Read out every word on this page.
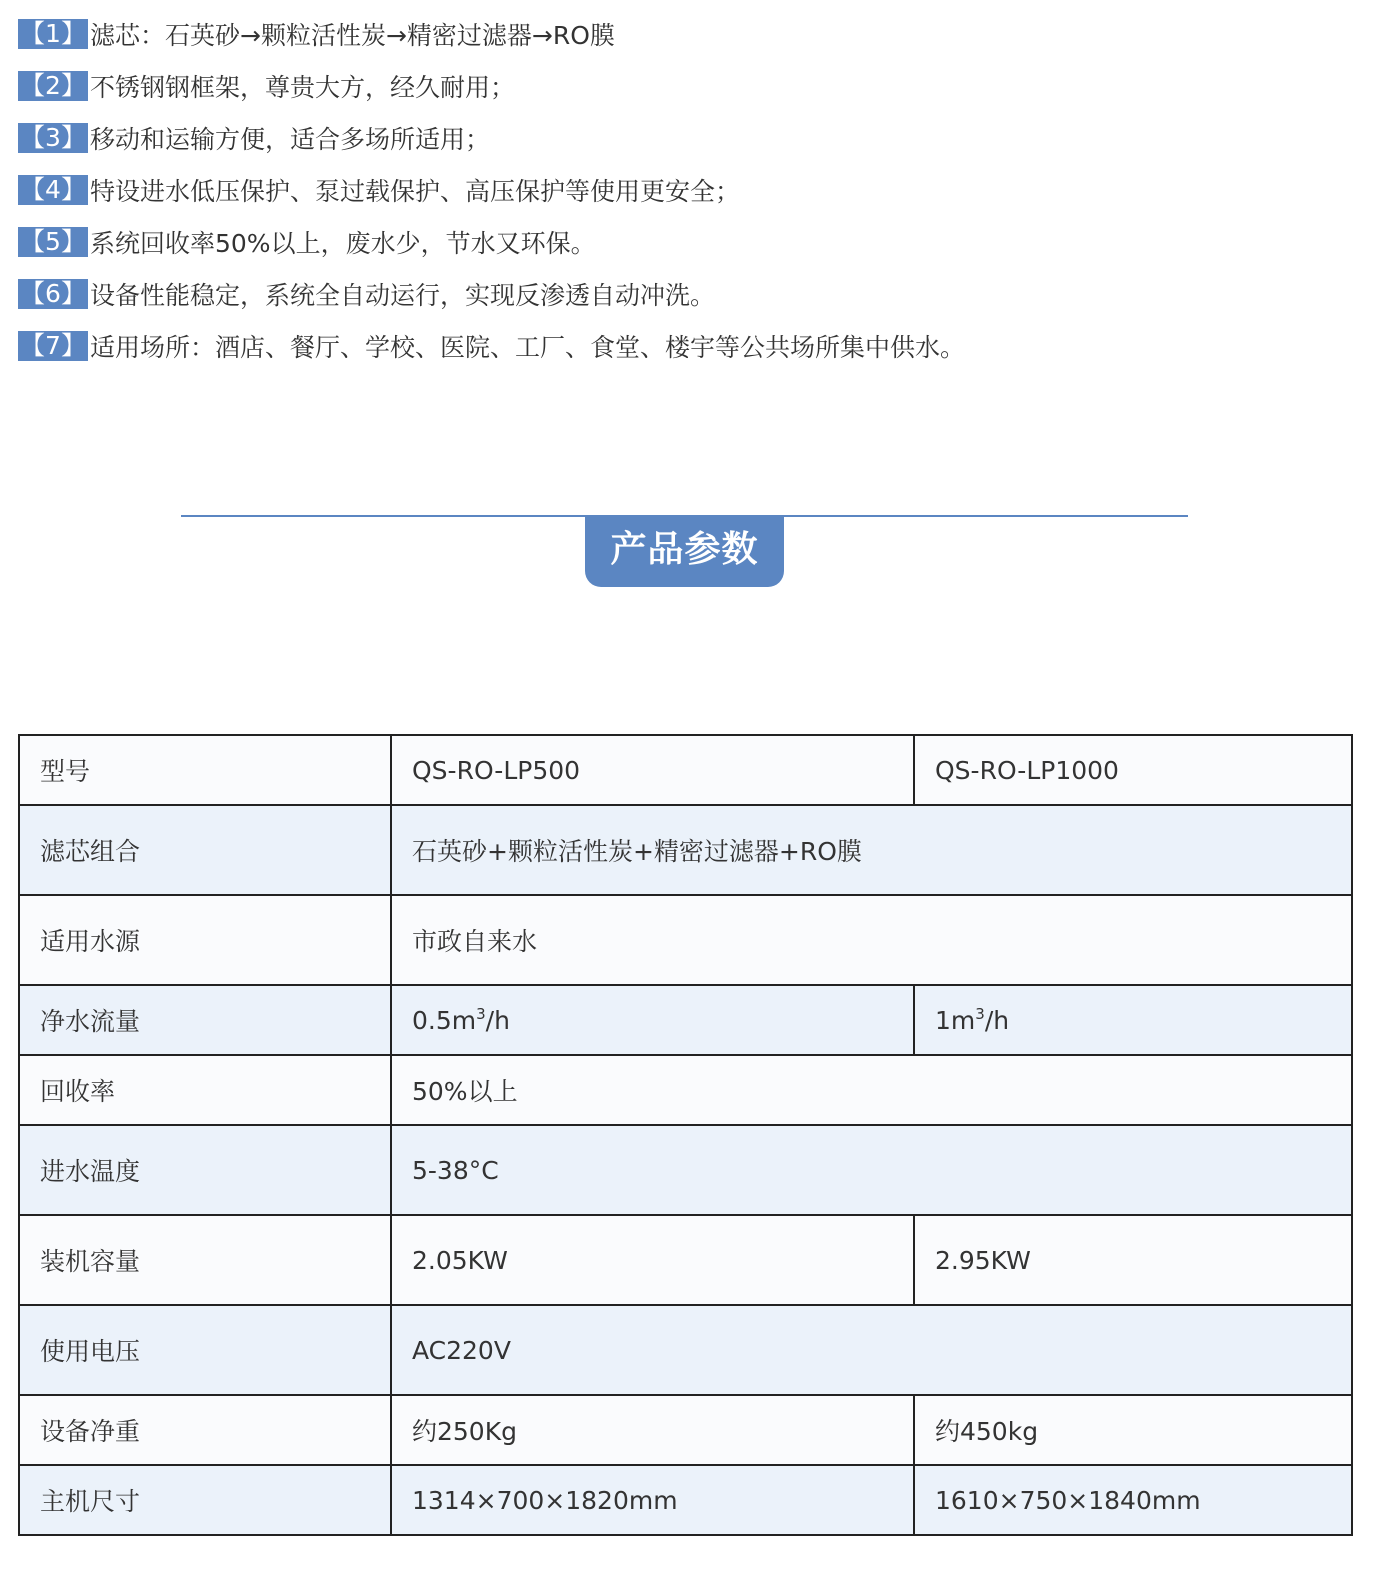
【1】 滤芯：石英砂→颗粒活性炭→精密过滤器→RO膜
【2】 不锈钢钢框架，尊贵大方，经久耐用；
【3】 移动和运输方便，适合多场所适用；
【4】 特设进水低压保护、泵过载保护、高压保护等使用更安全；
【5】 系统回收率50%以上，废水少，节水又环保。
【6】 设备性能稳定，系统全自动运行，实现反渗透自动冲洗。
【7】 适用场所：酒店、餐厅、学校、医院、工厂、食堂、楼宇等公共场所集中供水。
产品参数
型号	QS-RO-LP500	QS-RO-LP1000
滤芯组合	石英砂+颗粒活性炭+精密过滤器+RO膜	
适用水源	市政自来水	
净水流量	$0.5m^3/h$	$1m^3/h$
回收率	50%以上	
进水温度	5-38°C	
装机容量	2.05KW	2.95KW
使用电压	AC220V	
设备净重	约250Kg	约450kg
主机尺寸	1314×700×1820mm	1610×750×1840mm
